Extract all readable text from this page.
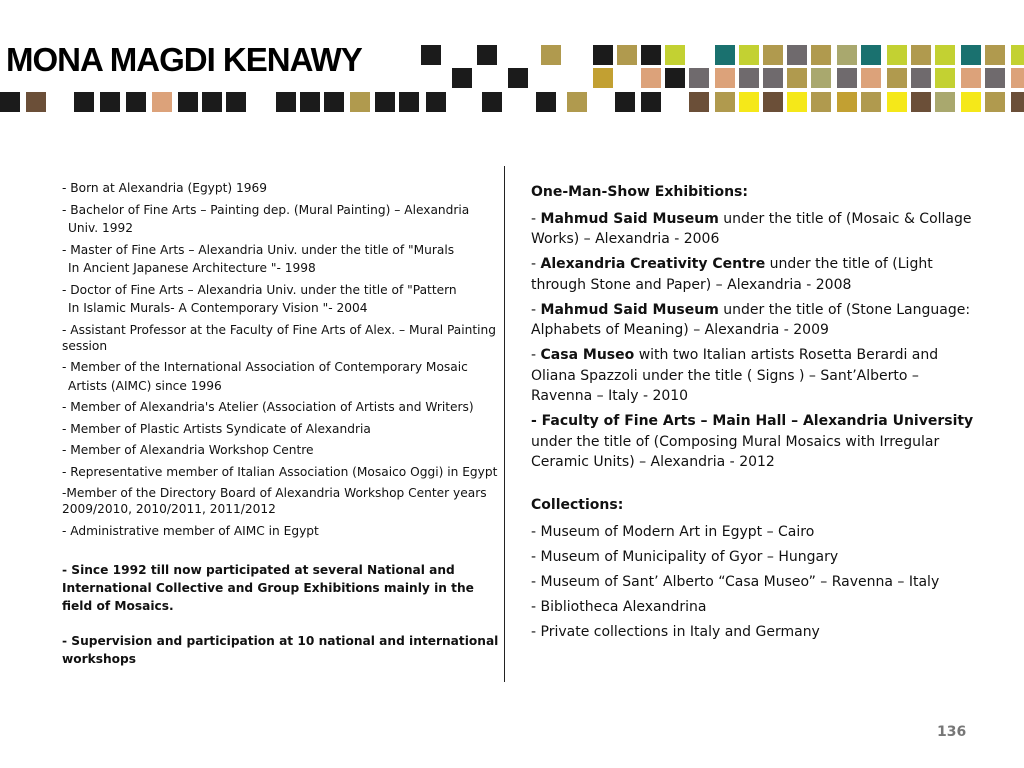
MONA MAGDI KENAWY
- Born at Alexandria (Egypt) 1969
- Bachelor of Fine Arts – Painting dep. (Mural Painting) – Alexandria
Univ. 1992
- Master of Fine Arts – Alexandria Univ. under the title of "Murals
In Ancient Japanese Architecture "- 1998
- Doctor of Fine Arts – Alexandria Univ. under the title of "Pattern
In Islamic Murals- A Contemporary Vision "- 2004
- Assistant Professor at the Faculty of Fine Arts of Alex. – Mural Painting session
- Member of the International Association of Contemporary Mosaic
Artists (AIMC) since 1996
- Member of Alexandria's Atelier (Association of Artists and Writers)
- Member of Plastic Artists Syndicate of Alexandria
- Member of Alexandria Workshop Centre
- Representative member of Italian Association (Mosaico Oggi) in Egypt
-Member of the Directory Board of Alexandria Workshop Center years 2009/2010, 2010/2011, 2011/2012
- Administrative member of AIMC in Egypt
- Since 1992 till now participated at several National and International Collective and Group Exhibitions mainly in the field of Mosaics.
- Supervision and participation at 10 national and international workshops
One-Man-Show Exhibitions:
- Mahmud Said Museum under the title of (Mosaic & Collage Works) – Alexandria - 2006
- Alexandria Creativity Centre under the title of (Light through Stone and Paper) – Alexandria - 2008
- Mahmud Said Museum under the title of (Stone Language: Alphabets of Meaning) – Alexandria - 2009
- Casa Museo with two Italian artists Rosetta Berardi and Oliana Spazzoli under the title ( Signs ) – Sant’Alberto – Ravenna – Italy - 2010
- Faculty of Fine Arts – Main Hall – Alexandria University under the title of (Composing Mural Mosaics with Irregular Ceramic Units) – Alexandria - 2012
Collections:
- Museum of Modern Art in Egypt – Cairo
- Museum of Municipality of Gyor – Hungary
- Museum of Sant’ Alberto “Casa Museo” – Ravenna – Italy
- Bibliotheca Alexandrina
- Private collections in Italy and Germany
136
